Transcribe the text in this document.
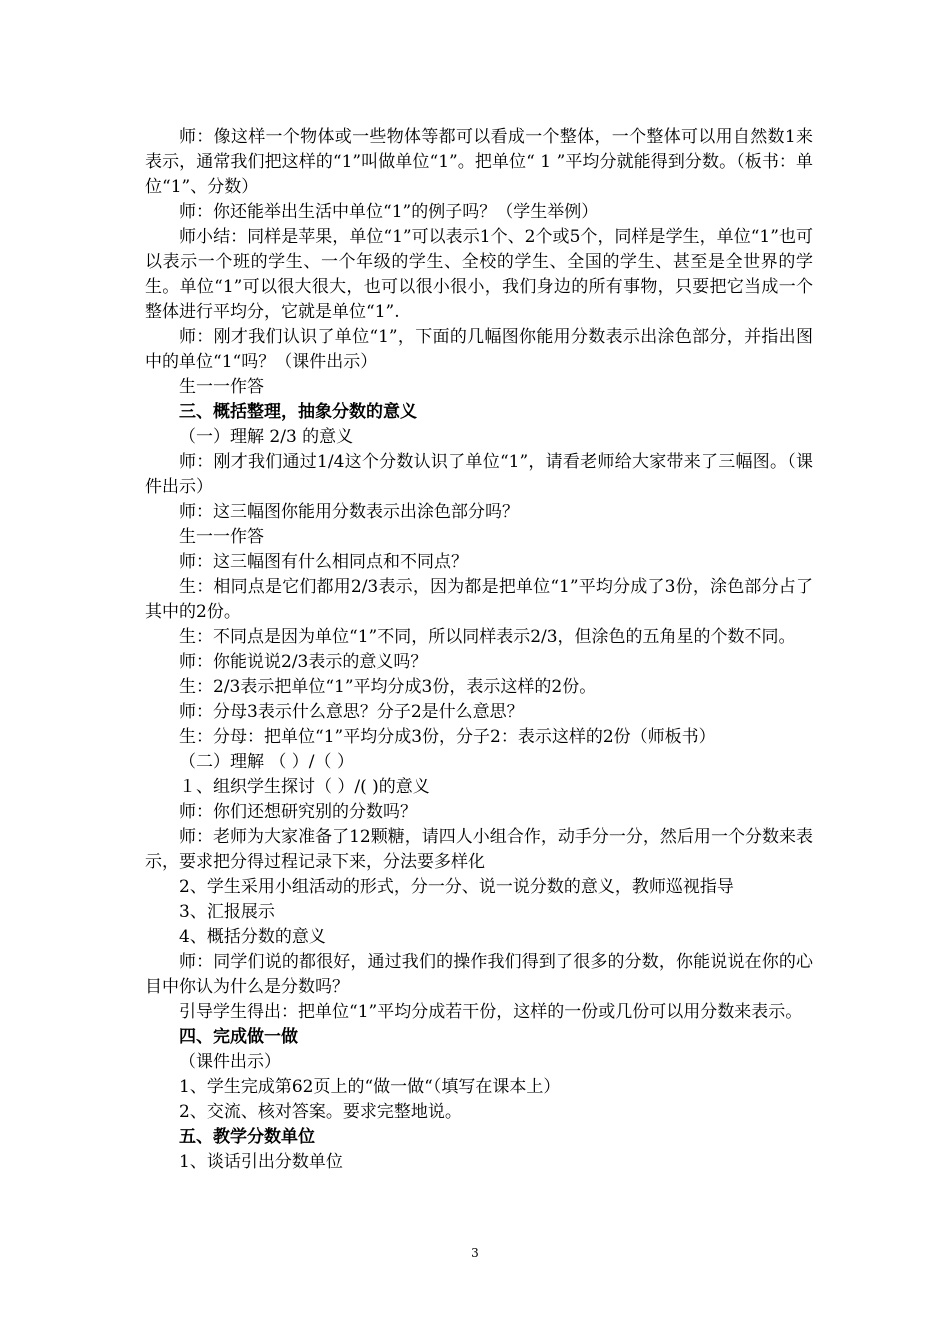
师：像这样一个物体或一些物体等都可以看成一个整体，一个整体可以用自然数1来表示，通常我们把这样的“1”叫做单位“1”。把单位“ 1 ”平均分就能得到分数。（板书：单位“1”、分数）

师：你还能举出生活中单位“1”的例子吗？（学生举例）

师小结：同样是苹果，单位“1”可以表示1个、2个或5个，同样是学生，单位“1”也可以表示一个班的学生、一个年级的学生、全校的学生、全国的学生、甚至是全世界的学生。单位“1”可以很大很大，也可以很小很小，我们身边的所有事物，只要把它当成一个整体进行平均分，它就是单位“1”.

师：刚才我们认识了单位“1”，下面的几幅图你能用分数表示出涂色部分，并指出图中的单位“1“吗？（课件出示）

生一一作答

三、概括整理，抽象分数的意义

（一）理解 2/3 的意义

师：刚才我们通过1/4这个分数认识了单位“1”，请看老师给大家带来了三幅图。（课件出示）

师：这三幅图你能用分数表示出涂色部分吗？

生一一作答

师：这三幅图有什么相同点和不同点？

生：相同点是它们都用2/3表示，因为都是把单位“1”平均分成了3份，涂色部分占了其中的2份。

生：不同点是因为单位“1”不同，所以同样表示2/3，但涂色的五角星的个数不同。

师：你能说说2/3表示的意义吗？

生：2/3表示把单位“1”平均分成3份，表示这样的2份。

师：分母3表示什么意思？分子2是什么意思？

生：分母：把单位“1”平均分成3份，分子2：表示这样的2份（师板书）

（二）理解 （ ）/（ ）

１、组织学生探讨（ ）/( )的意义

师：你们还想研究别的分数吗？

师：老师为大家准备了12颗糖，请四人小组合作，动手分一分，然后用一个分数来表示，要求把分得过程记录下来，分法要多样化

2、学生采用小组活动的形式，分一分、说一说分数的意义，教师巡视指导

3、汇报展示

4、概括分数的意义

师：同学们说的都很好，通过我们的操作我们得到了很多的分数，你能说说在你的心目中你认为什么是分数吗？

引导学生得出：把单位“1”平均分成若干份，这样的一份或几份可以用分数来表示。

四、完成做一做

（课件出示）

1、学生完成第62页上的“做一做“（填写在课本上）

2、交流、核对答案。要求完整地说。

五、教学分数单位

1、谈话引出分数单位

3
